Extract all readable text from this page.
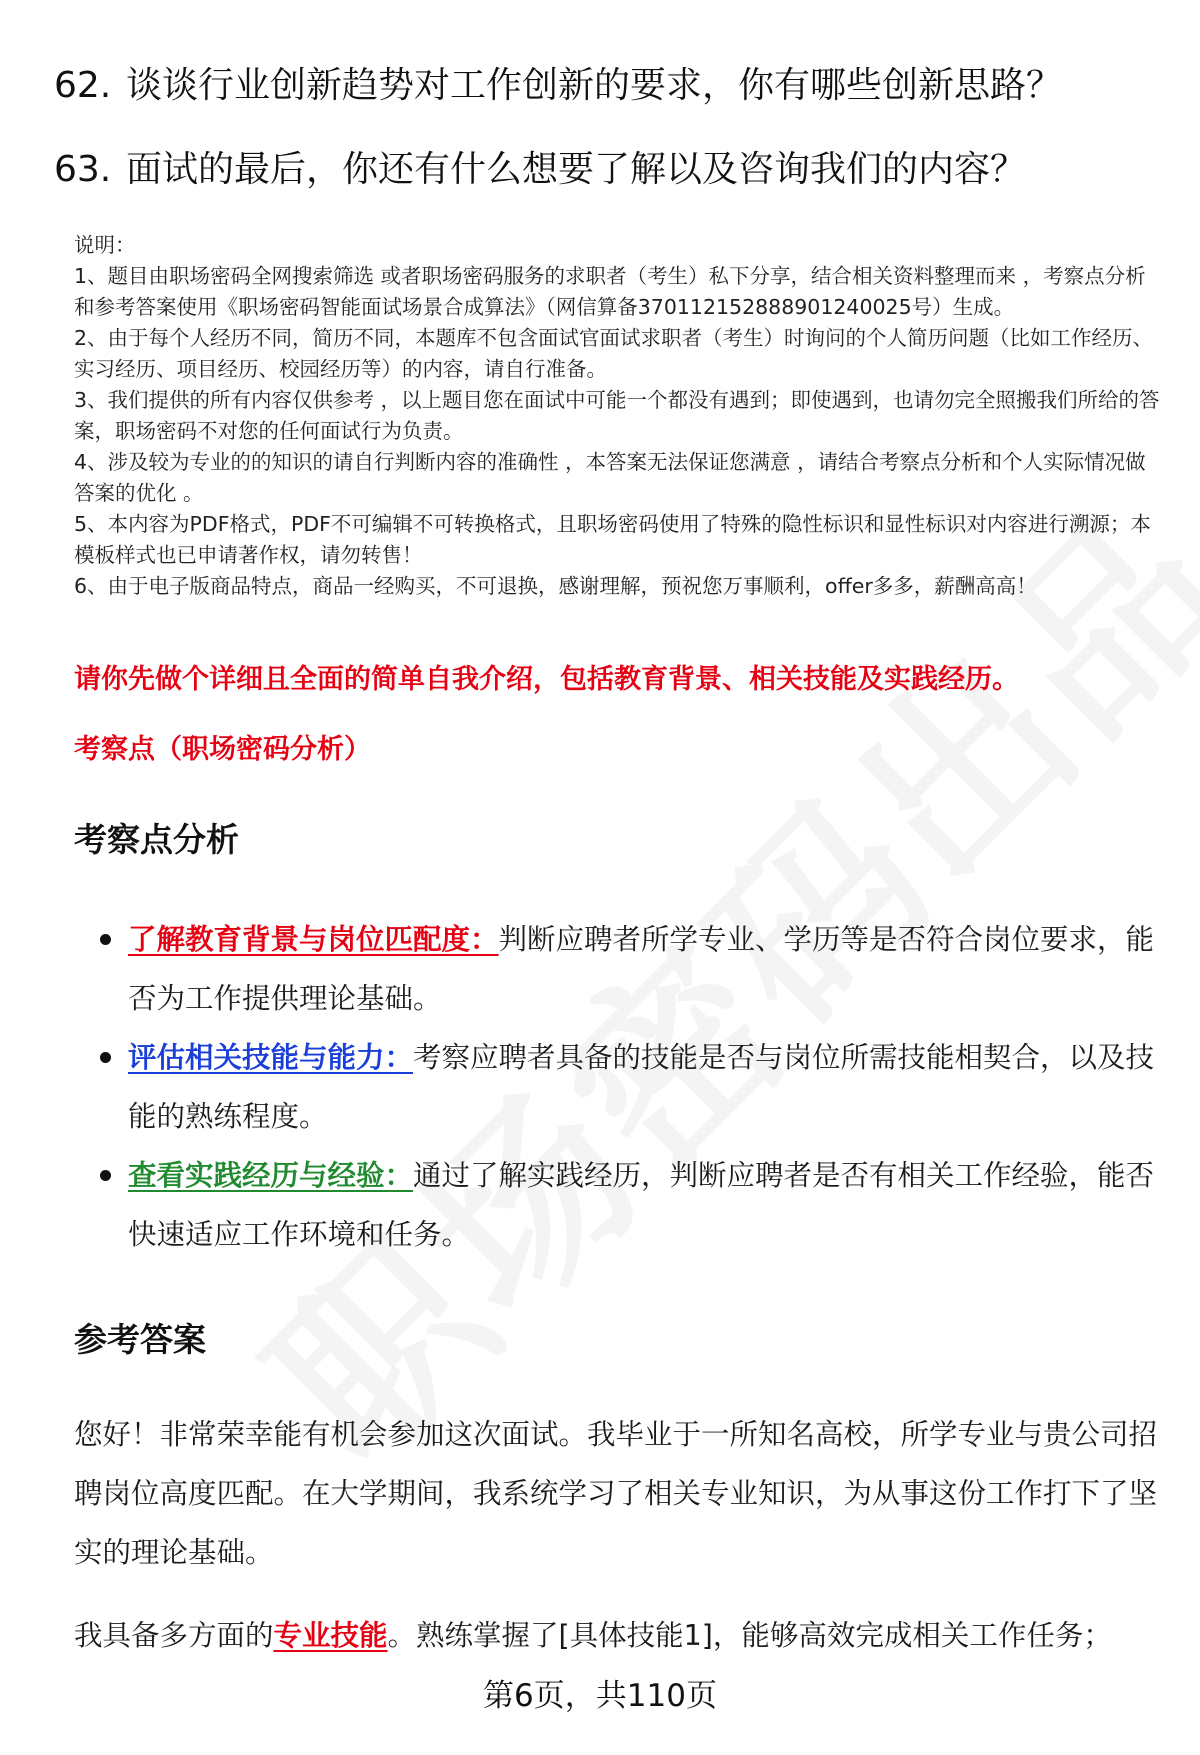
62. 谈谈行业创新趋势对工作创新的要求，你有哪些创新思路？
63. 面试的最后，你还有什么想要了解以及咨询我们的内容？

说明：

1、题目由职场密码全网搜索筛选 或者职场密码服务的求职者（考生）私下分享，结合相关资料整理而来 ，考察点分析和参考答案使用《职场密码智能面试场景合成算法》（网信算备370112152888901240025号）生成。

2、由于每个人经历不同，简历不同，本题库不包含面试官面试求职者（考生）时询问的个人简历问题（比如工作经历、实习经历、项目经历、校园经历等）的内容，请自行准备。

3、我们提供的所有内容仅供参考 ，以上题目您在面试中可能一个都没有遇到；即使遇到，也请勿完全照搬我们所给的答案，职场密码不对您的任何面试行为负责。

4、涉及较为专业的的知识的请自行判断内容的准确性 ，本答案无法保证您满意 ，请结合考察点分析和个人实际情况做答案的优化 。

5、本内容为PDF格式，PDF不可编辑不可转换格式，且职场密码使用了特殊的隐性标识和显性标识对内容进行溯源；本模板样式也已申请著作权，请勿转售！

6、由于电子版商品特点，商品一经购买，不可退换，感谢理解，预祝您万事顺利，offer多多，薪酬高高！

请你先做个详细且全面的简单自我介绍，包括教育背景、相关技能及实践经历。
考察点（职场密码分析）
考察点分析
了解教育背景与岗位匹配度：判断应聘者所学专业、学历等是否符合岗位要求，能否为工作提供理论基础。
评估相关技能与能力：考察应聘者具备的技能是否与岗位所需技能相契合，以及技能的熟练程度。
查看实践经历与经验：通过了解实践经历，判断应聘者是否有相关工作经验，能否快速适应工作环境和任务。
参考答案
您好！非常荣幸能有机会参加这次面试。我毕业于一所知名高校，所学专业与贵公司招聘岗位高度匹配。在大学期间，我系统学习了相关专业知识，为从事这份工作打下了坚实的理论基础。
我具备多方面的专业技能。熟练掌握了[具体技能1]，能够高效完成相关工作任务；
第6页，共110页
